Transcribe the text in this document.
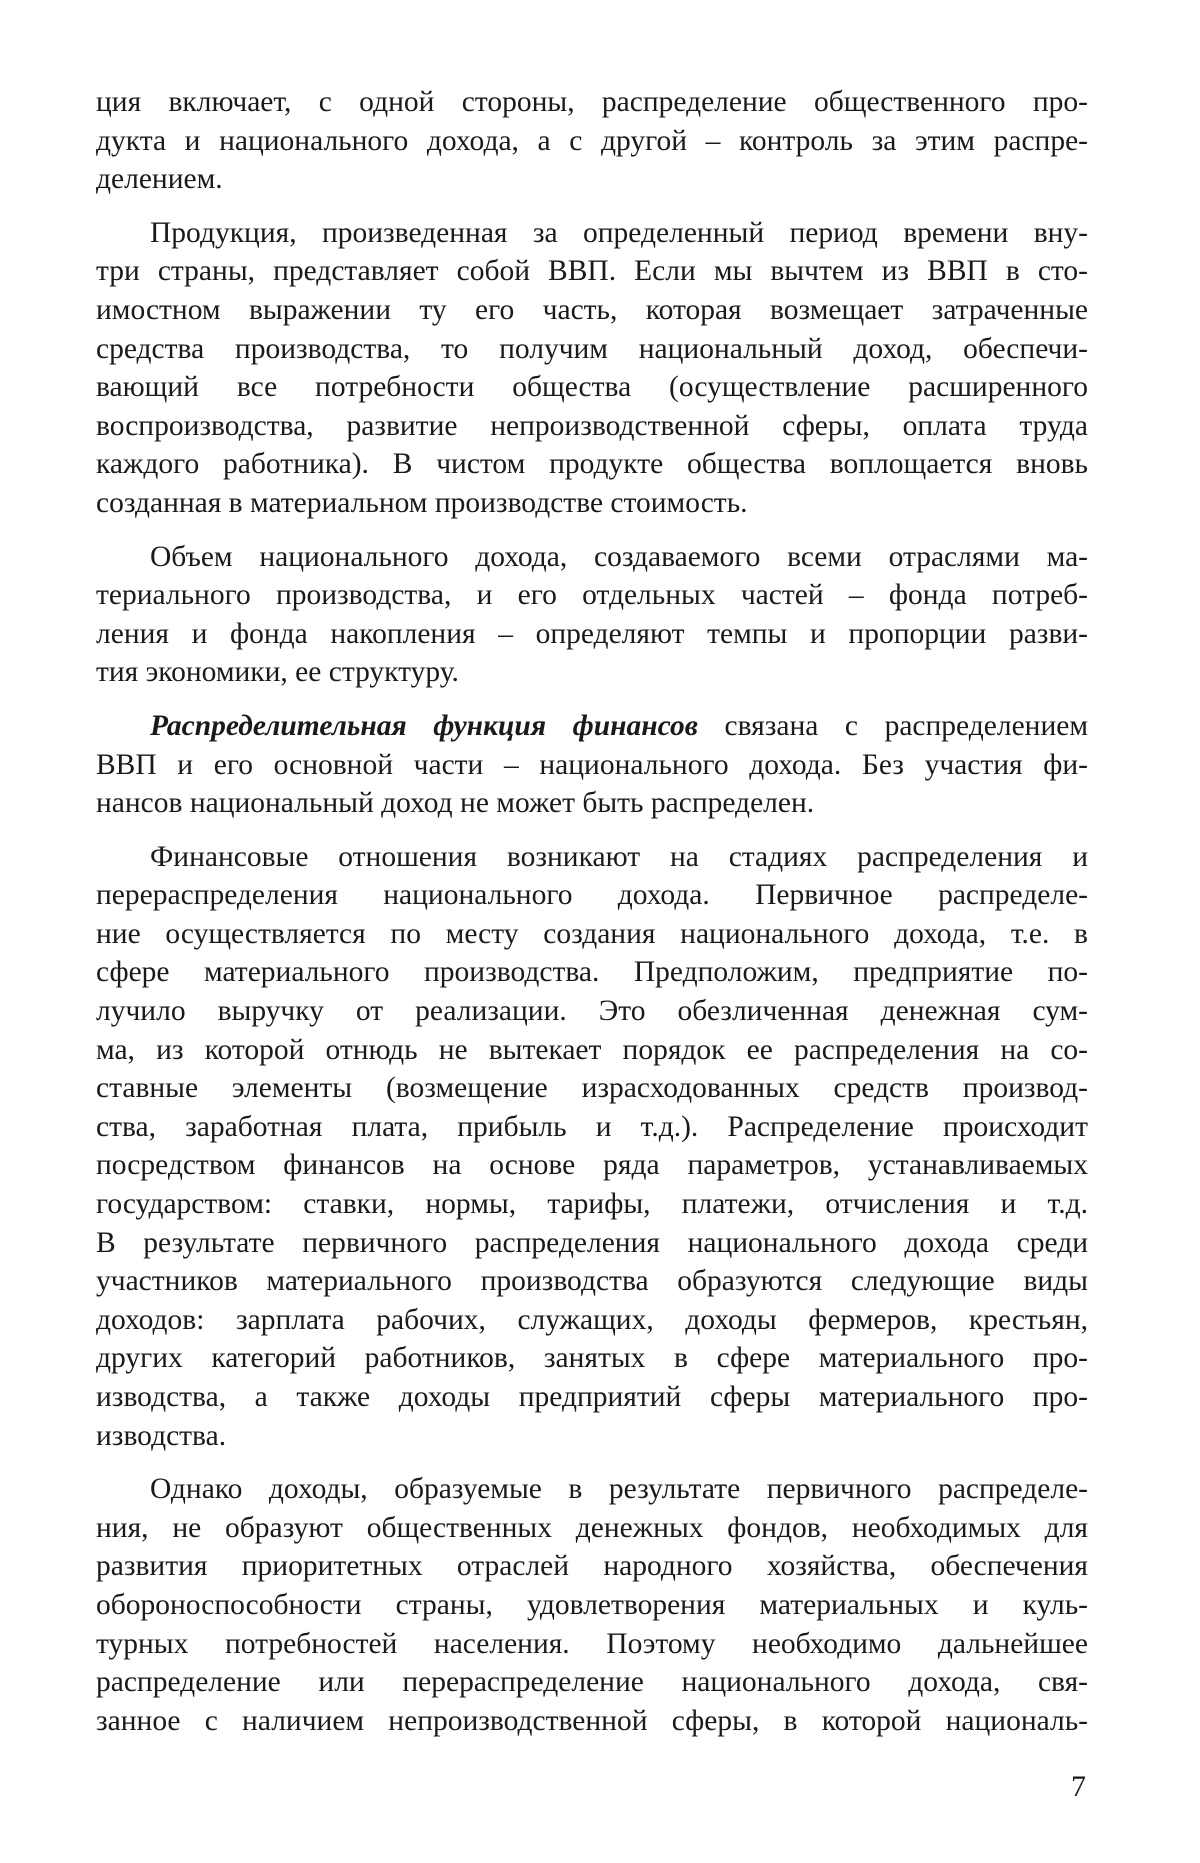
ция включает, с одной стороны, распределение общественного про-
дукта и национального дохода, а с другой – контроль за этим распре-
делением.
Продукция, произведенная за определенный период времени вну-
три страны, представляет собой ВВП. Если мы вычтем из ВВП в сто-
имостном выражении ту его часть, которая возмещает затраченные
средства производства, то получим национальный доход, обеспечи-
вающий все потребности общества (осуществление расширенного
воспроизводства, развитие непроизводственной сферы, оплата труда
каждого работника). В чистом продукте общества воплощается вновь
созданная в материальном производстве стоимость.
Объем национального дохода, создаваемого всеми отраслями ма-
териального производства, и его отдельных частей – фонда потреб-
ления и фонда накопления – определяют темпы и пропорции разви-
тия экономики, ее структуру.
Распределительная функция финансов связана с распределением
ВВП и его основной части – национального дохода. Без участия фи-
нансов национальный доход не может быть распределен.
Финансовые отношения возникают на стадиях распределения и
перераспределения национального дохода. Первичное распределе-
ние осуществляется по месту создания национального дохода, т.е. в
сфере материального производства. Предположим, предприятие по-
лучило выручку от реализации. Это обезличенная денежная сум-
ма, из которой отнюдь не вытекает порядок ее распределения на со-
ставные элементы (возмещение израсходованных средств производ-
ства, заработная плата, прибыль и т.д.). Распределение происходит
посредством финансов на основе ряда параметров, устанавливаемых
государством: ставки, нормы, тарифы, платежи, отчисления и т.д.
В результате первичного распределения национального дохода среди
участников материального производства образуются следующие виды
доходов: зарплата рабочих, служащих, доходы фермеров, крестьян,
других категорий работников, занятых в сфере материального про-
изводства, а также доходы предприятий сферы материального про-
изводства.
Однако доходы, образуемые в результате первичного распределе-
ния, не образуют общественных денежных фондов, необходимых для
развития приоритетных отраслей народного хозяйства, обеспечения
обороноспособности страны, удовлетворения материальных и куль-
турных потребностей населения. Поэтому необходимо дальнейшее
распределение или перераспределение национального дохода, свя-
занное с наличием непроизводственной сферы, в которой националь-
7
